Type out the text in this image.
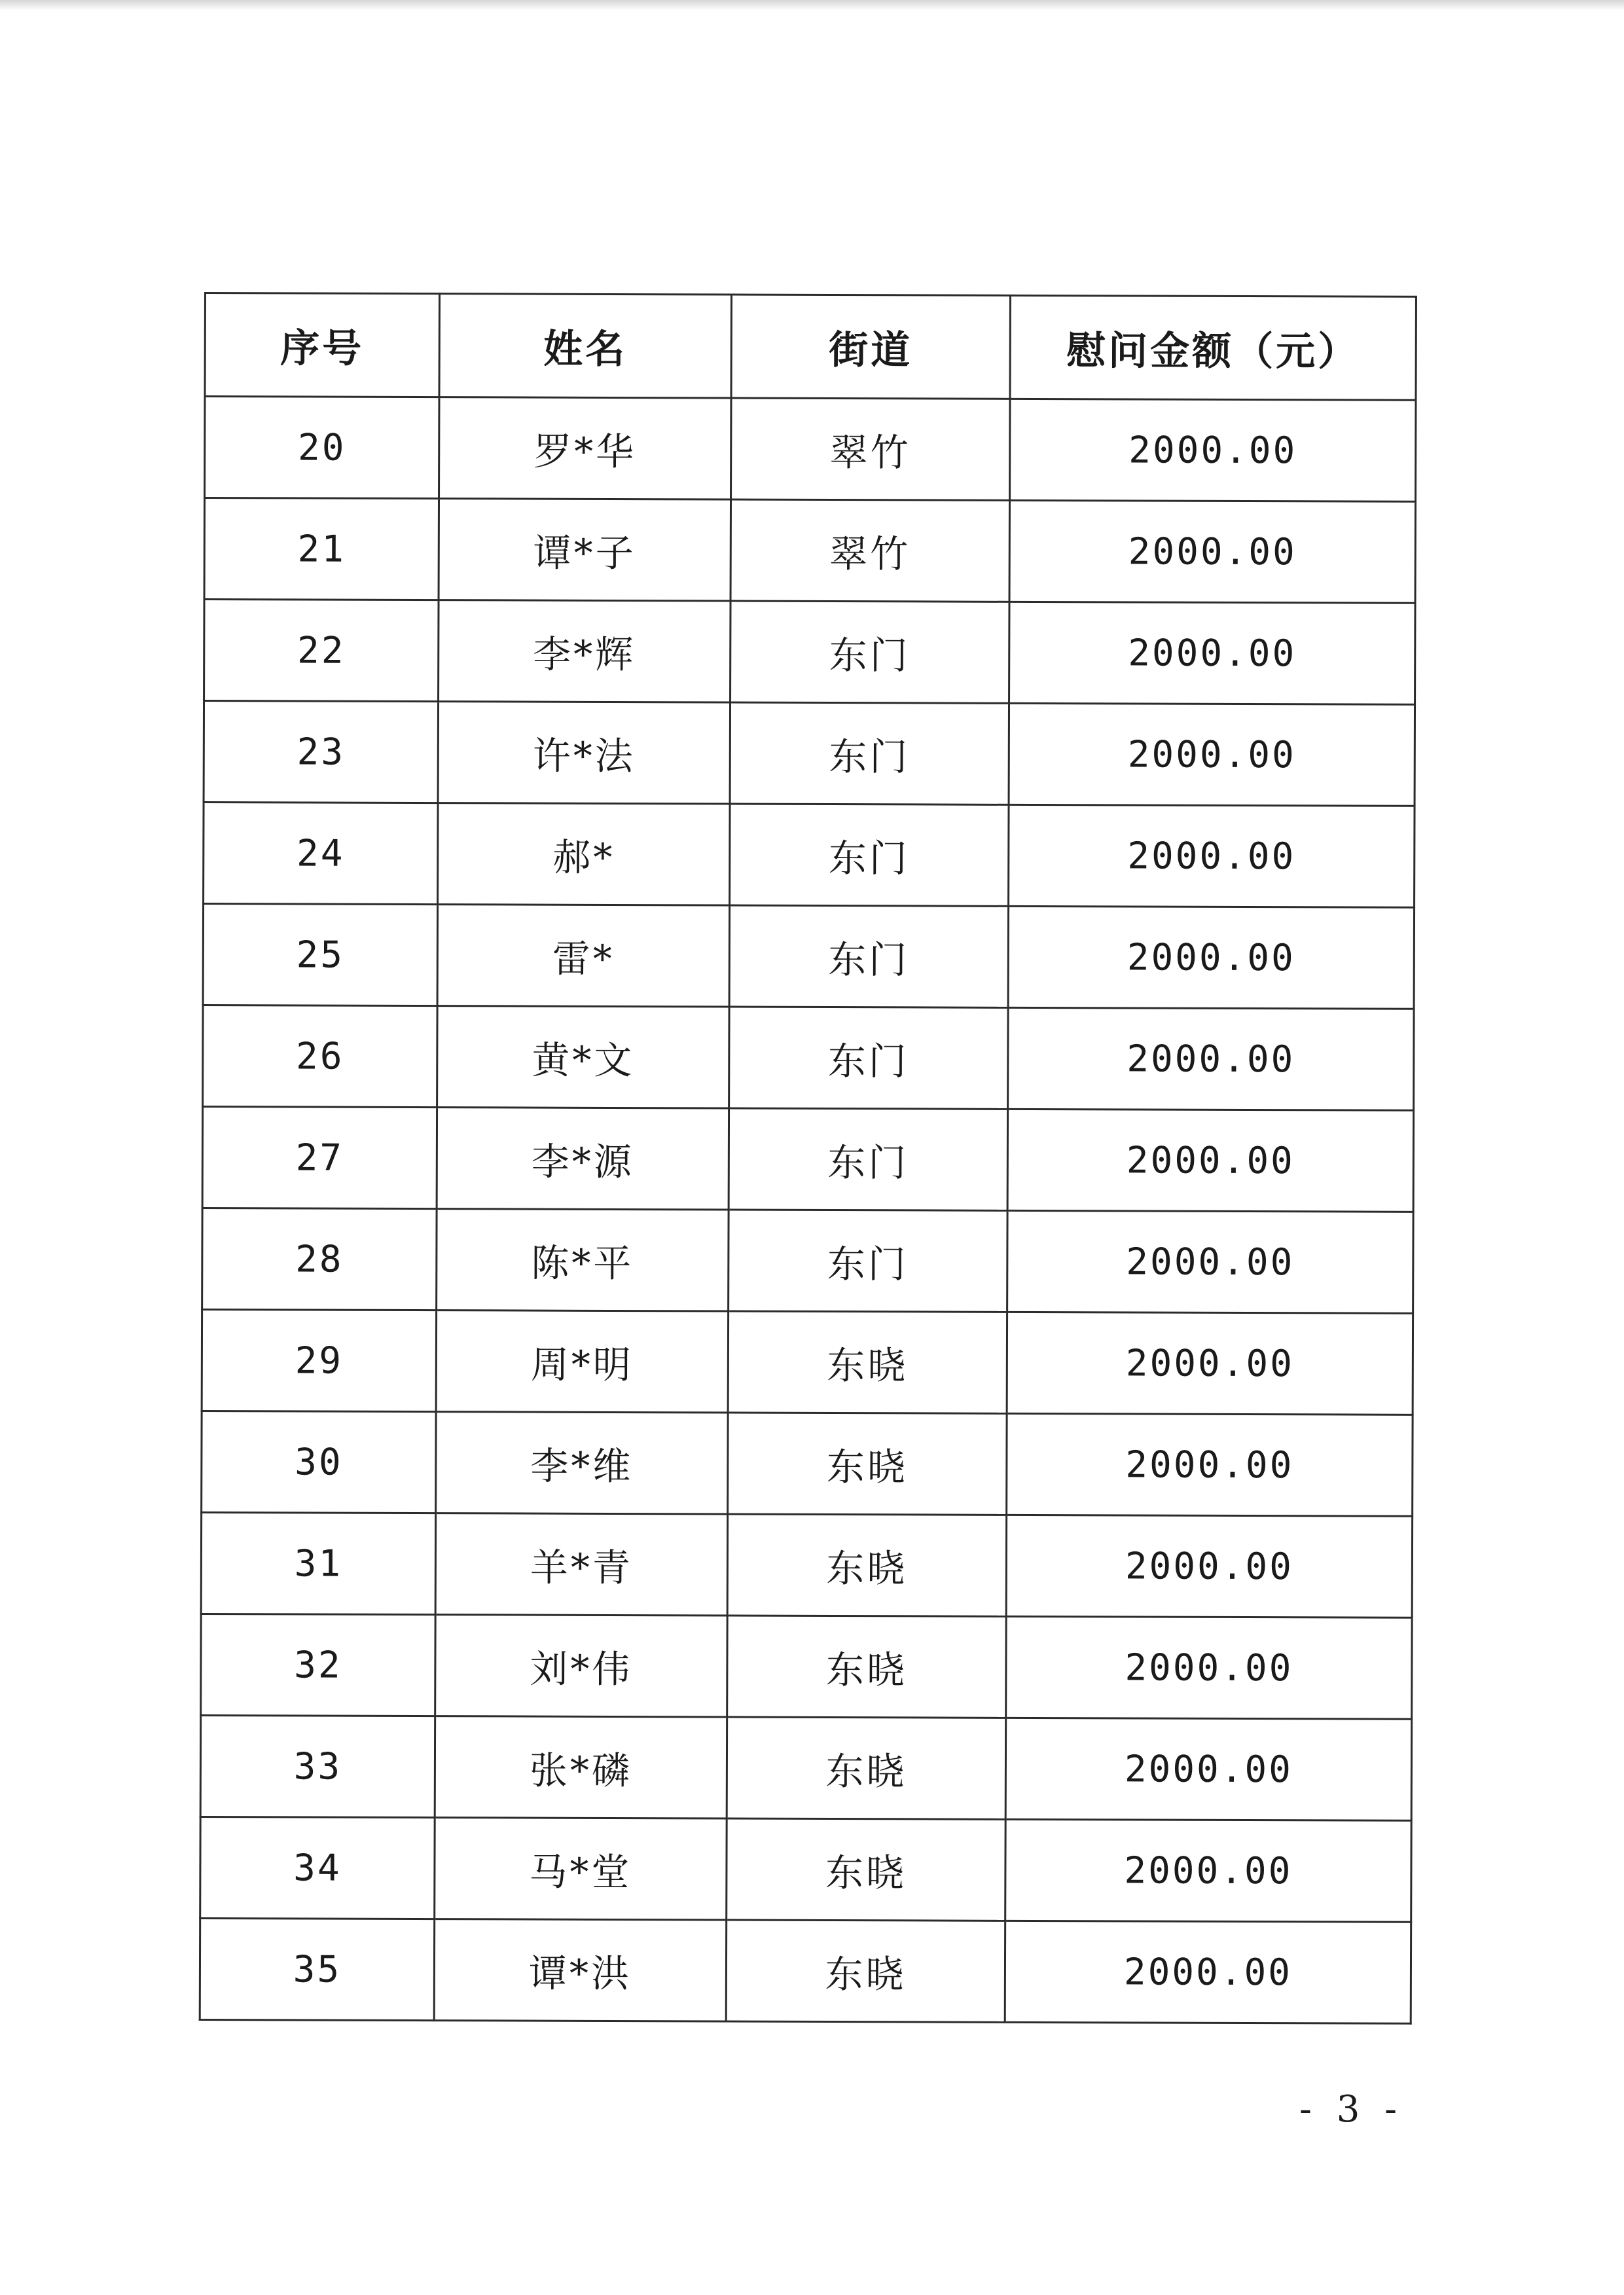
序号	姓名	街道	慰问金额（元）
20	罗*华	翠竹	2000.00
21	谭*子	翠竹	2000.00
22	李*辉	东门	2000.00
23	许*法	东门	2000.00
24	郝*	东门	2000.00
25	雷*	东门	2000.00
26	黄*文	东门	2000.00
27	李*源	东门	2000.00
28	陈*平	东门	2000.00
29	周*明	东晓	2000.00
30	李*维	东晓	2000.00
31	羊*青	东晓	2000.00
32	刘*伟	东晓	2000.00
33	张*磷	东晓	2000.00
34	马*堂	东晓	2000.00
35	谭*洪	东晓	2000.00
- 3 -
